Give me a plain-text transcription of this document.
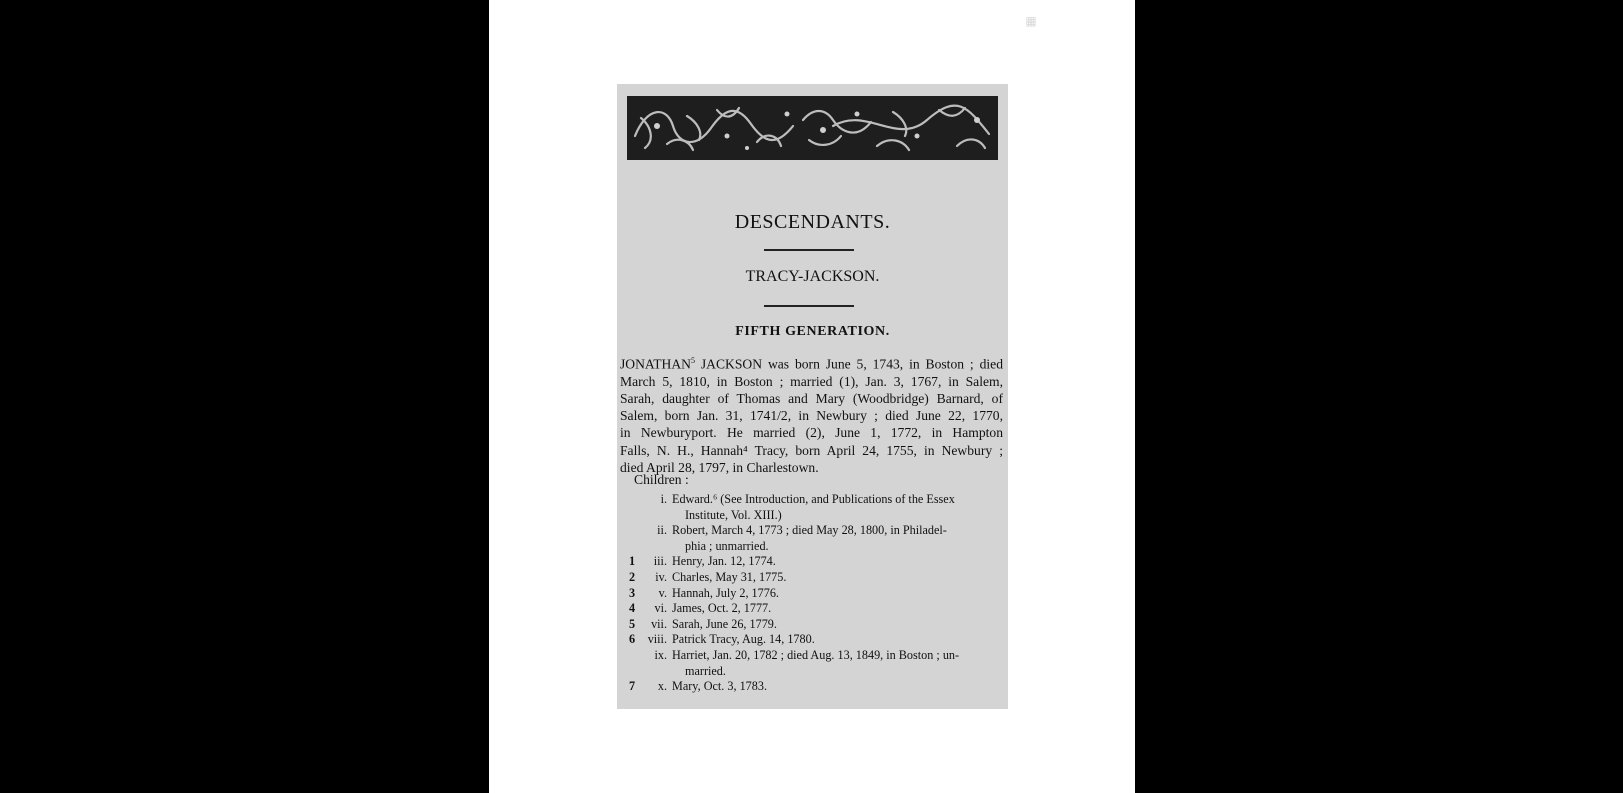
▦
DESCENDANTS.
TRACY-JACKSON.
FIFTH GENERATION.

JONATHAN$^5$ JACKSON was born June 5, 1743, in Boston ; died
March 5, 1810, in Boston ; married (1), Jan. 3, 1767, in Salem,
Sarah, daughter of Thomas and Mary (Woodbridge) Barnard, of
Salem, born Jan. 31, 1741/2, in Newbury ; died June 22, 1770,
in Newburyport. He married (2), June 1, 1772, in Hampton
Falls, N. H., Hannah⁴ Tracy, born April 24, 1755, in Newbury ;
died April 28, 1797, in Charlestown.

Children :
i. Edward.⁶ (See Introduction, and Publications of the Essex
Institute, Vol. XIII.)
ii. Robert, March 4, 1773 ; died May 28, 1800, in Philadel-
phia ; unmarried.
1	iii. Henry, Jan. 12, 1774.
2	iv. Charles, May 31, 1775.
3	v. Hannah, July 2, 1776.
4	vi. James, Oct. 2, 1777.
5	vii. Sarah, June 26, 1779.
6	viii. Patrick Tracy, Aug. 14, 1780.
ix. Harriet, Jan. 20, 1782 ; died Aug. 13, 1849, in Boston ; un-
married.
7	x. Mary, Oct. 3, 1783.
